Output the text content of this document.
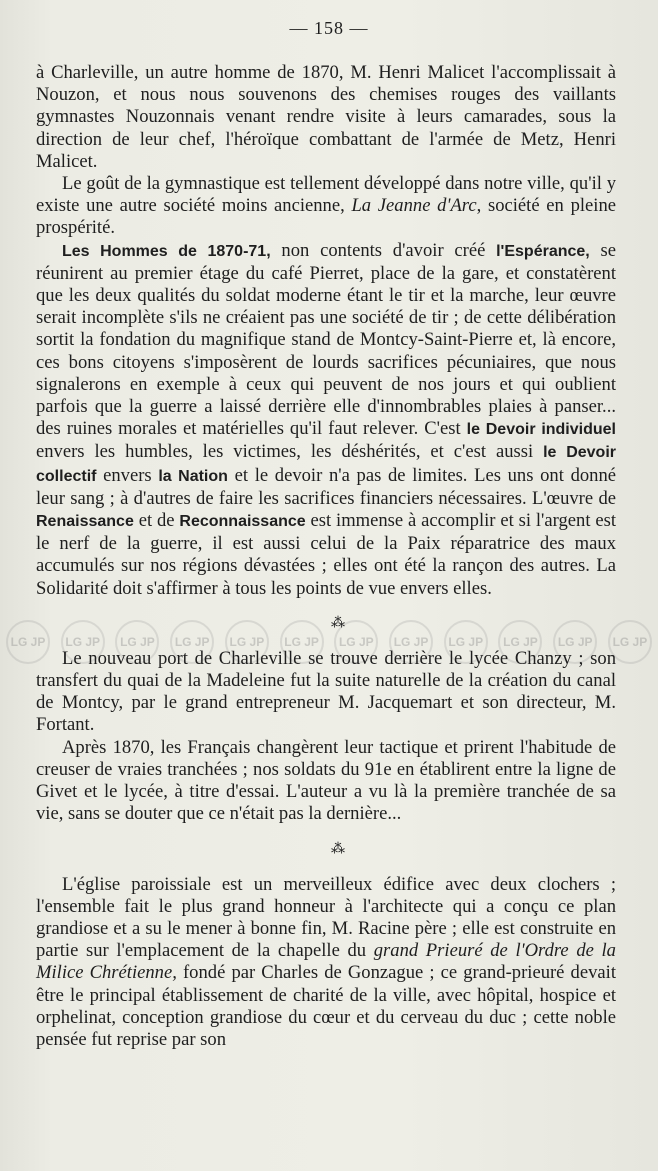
— 158 —
LG JP	LG JP	LG JP	LG JP	LG JP	LG JP	LG JP	LG JP	LG JP	LG JP	LG JP	LG JP

à Charleville, un autre homme de 1870, M. Henri Malicet l'accomplissait à Nouzon, et nous nous souvenons des chemises rouges des vaillants gymnastes Nouzonnais venant rendre visite à leurs camarades, sous la direction de leur chef, l'héroïque combattant de l'armée de Metz, Henri Malicet.

Le goût de la gymnastique est tellement développé dans notre ville, qu'il y existe une autre société moins ancienne, La Jeanne d'Arc, société en pleine prospérité.

Les Hommes de 1870-71, non contents d'avoir créé l'Espérance, se réunirent au premier étage du café Pierret, place de la gare, et constatèrent que les deux qualités du soldat moderne étant le tir et la marche, leur œuvre serait incomplète s'ils ne créaient pas une société de tir ; de cette délibération sortit la fondation du magnifique stand de Montcy-Saint-Pierre et, là encore, ces bons citoyens s'imposèrent de lourds sacrifices pécuniaires, que nous signalerons en exemple à ceux qui peuvent de nos jours et qui oublient parfois que la guerre a laissé derrière elle d'innombrables plaies à panser... des ruines morales et matérielles qu'il faut relever. C'est le Devoir individuel envers les humbles, les victimes, les déshérités, et c'est aussi le Devoir collectif envers la Nation et le devoir n'a pas de limites. Les uns ont donné leur sang ; à d'autres de faire les sacrifices financiers nécessaires. L'œuvre de Renaissance et de Reconnaissance est immense à accomplir et si l'argent est le nerf de la guerre, il est aussi celui de la Paix réparatrice des maux accumulés sur nos régions dévastées ; elles ont été la rançon des autres. La Solidarité doit s'affirmer à tous les points de vue envers elles.

⁂

Le nouveau port de Charleville se trouve derrière le lycée Chanzy ; son transfert du quai de la Madeleine fut la suite naturelle de la création du canal de Montcy, par le grand entrepreneur M. Jacquemart et son directeur, M. Fortant.

Après 1870, les Français changèrent leur tactique et prirent l'habitude de creuser de vraies tranchées ; nos soldats du 91e en établirent entre la ligne de Givet et le lycée, à titre d'essai. L'auteur a vu là la première tranchée de sa vie, sans se douter que ce n'était pas la dernière...

⁂

L'église paroissiale est un merveilleux édifice avec deux clochers ; l'ensemble fait le plus grand honneur à l'architecte qui a conçu ce plan grandiose et a su le mener à bonne fin, M. Racine père ; elle est construite en partie sur l'emplacement de la chapelle du grand Prieuré de l'Ordre de la Milice Chrétienne, fondé par Charles de Gonzague ; ce grand-prieuré devait être le principal établissement de charité de la ville, avec hôpital, hospice et orphelinat, conception grandiose du cœur et du cerveau du duc ; cette noble pensée fut reprise par son
